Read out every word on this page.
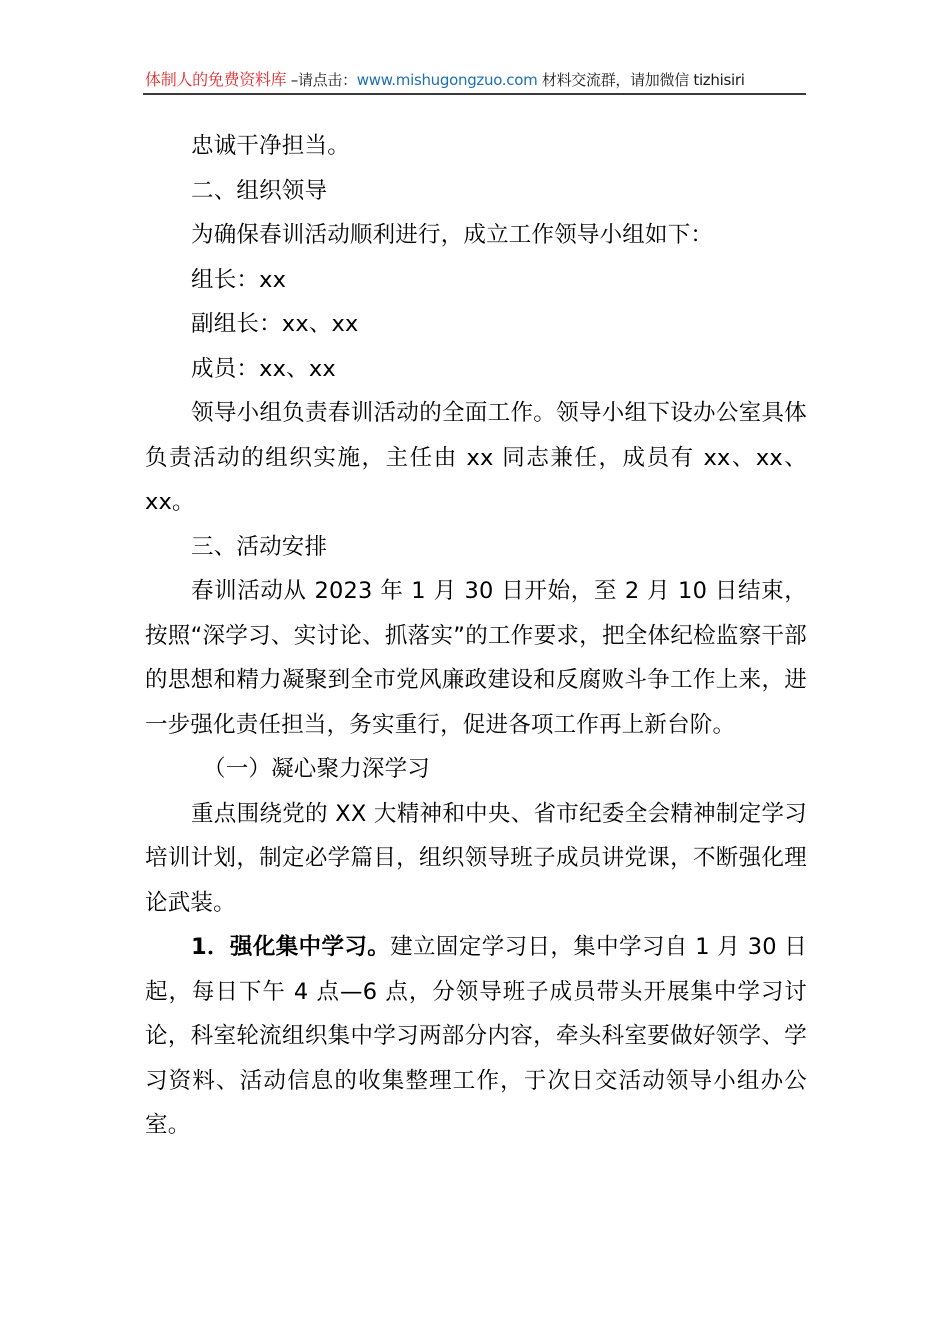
体制人的免费资料库 –请点击：www.mishugongzuo.com 材料交流群，请加微信 tizhisiri

忠诚干净担当。

二、组织领导

为确保春训活动顺利进行，成立工作领导小组如下：

组长：xx

副组长：xx、xx

成员：xx、xx

领导小组负责春训活动的全面工作。领导小组下设办公室具体负责活动的组织实施，主任由 xx 同志兼任，成员有 xx、xx、xx。

三、活动安排

春训活动从 2023 年 1 月 30 日开始，至 2 月 10 日结束，按照“深学习、实讨论、抓落实”的工作要求，把全体纪检监察干部的思想和精力凝聚到全市党风廉政建设和反腐败斗争工作上来，进一步强化责任担当，务实重行，促进各项工作再上新台阶。

（一）凝心聚力深学习

重点围绕党的 XX 大精神和中央、省市纪委全会精神制定学习培训计划，制定必学篇目，组织领导班子成员讲党课，不断强化理论武装。

1．强化集中学习。建立固定学习日，集中学习自 1 月 30 日起，每日下午 4 点—6 点，分领导班子成员带头开展集中学习讨论，科室轮流组织集中学习两部分内容，牵头科室要做好领学、学习资料、活动信息的收集整理工作，于次日交活动领导小组办公室。
